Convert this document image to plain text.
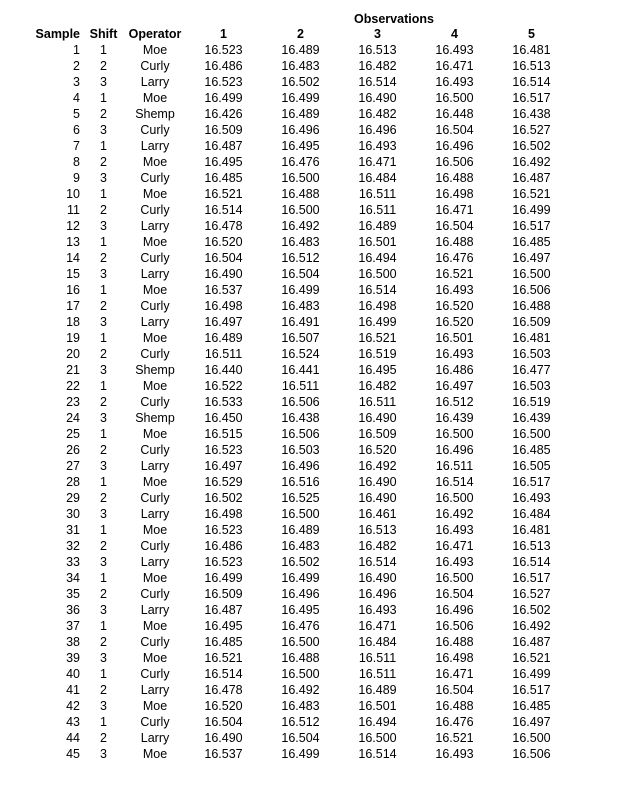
Observations
Sample	Shift	Operator	1	2	3	4	5
1	1	Moe	16.523	16.489	16.513	16.493	16.481
2	2	Curly	16.486	16.483	16.482	16.471	16.513
3	3	Larry	16.523	16.502	16.514	16.493	16.514
4	1	Moe	16.499	16.499	16.490	16.500	16.517
5	2	Shemp	16.426	16.489	16.482	16.448	16.438
6	3	Curly	16.509	16.496	16.496	16.504	16.527
7	1	Larry	16.487	16.495	16.493	16.496	16.502
8	2	Moe	16.495	16.476	16.471	16.506	16.492
9	3	Curly	16.485	16.500	16.484	16.488	16.487
10	1	Moe	16.521	16.488	16.511	16.498	16.521
11	2	Curly	16.514	16.500	16.511	16.471	16.499
12	3	Larry	16.478	16.492	16.489	16.504	16.517
13	1	Moe	16.520	16.483	16.501	16.488	16.485
14	2	Curly	16.504	16.512	16.494	16.476	16.497
15	3	Larry	16.490	16.504	16.500	16.521	16.500
16	1	Moe	16.537	16.499	16.514	16.493	16.506
17	2	Curly	16.498	16.483	16.498	16.520	16.488
18	3	Larry	16.497	16.491	16.499	16.520	16.509
19	1	Moe	16.489	16.507	16.521	16.501	16.481
20	2	Curly	16.511	16.524	16.519	16.493	16.503
21	3	Shemp	16.440	16.441	16.495	16.486	16.477
22	1	Moe	16.522	16.511	16.482	16.497	16.503
23	2	Curly	16.533	16.506	16.511	16.512	16.519
24	3	Shemp	16.450	16.438	16.490	16.439	16.439
25	1	Moe	16.515	16.506	16.509	16.500	16.500
26	2	Curly	16.523	16.503	16.520	16.496	16.485
27	3	Larry	16.497	16.496	16.492	16.511	16.505
28	1	Moe	16.529	16.516	16.490	16.514	16.517
29	2	Curly	16.502	16.525	16.490	16.500	16.493
30	3	Larry	16.498	16.500	16.461	16.492	16.484
31	1	Moe	16.523	16.489	16.513	16.493	16.481
32	2	Curly	16.486	16.483	16.482	16.471	16.513
33	3	Larry	16.523	16.502	16.514	16.493	16.514
34	1	Moe	16.499	16.499	16.490	16.500	16.517
35	2	Curly	16.509	16.496	16.496	16.504	16.527
36	3	Larry	16.487	16.495	16.493	16.496	16.502
37	1	Moe	16.495	16.476	16.471	16.506	16.492
38	2	Curly	16.485	16.500	16.484	16.488	16.487
39	3	Moe	16.521	16.488	16.511	16.498	16.521
40	1	Curly	16.514	16.500	16.511	16.471	16.499
41	2	Larry	16.478	16.492	16.489	16.504	16.517
42	3	Moe	16.520	16.483	16.501	16.488	16.485
43	1	Curly	16.504	16.512	16.494	16.476	16.497
44	2	Larry	16.490	16.504	16.500	16.521	16.500
45	3	Moe	16.537	16.499	16.514	16.493	16.506
